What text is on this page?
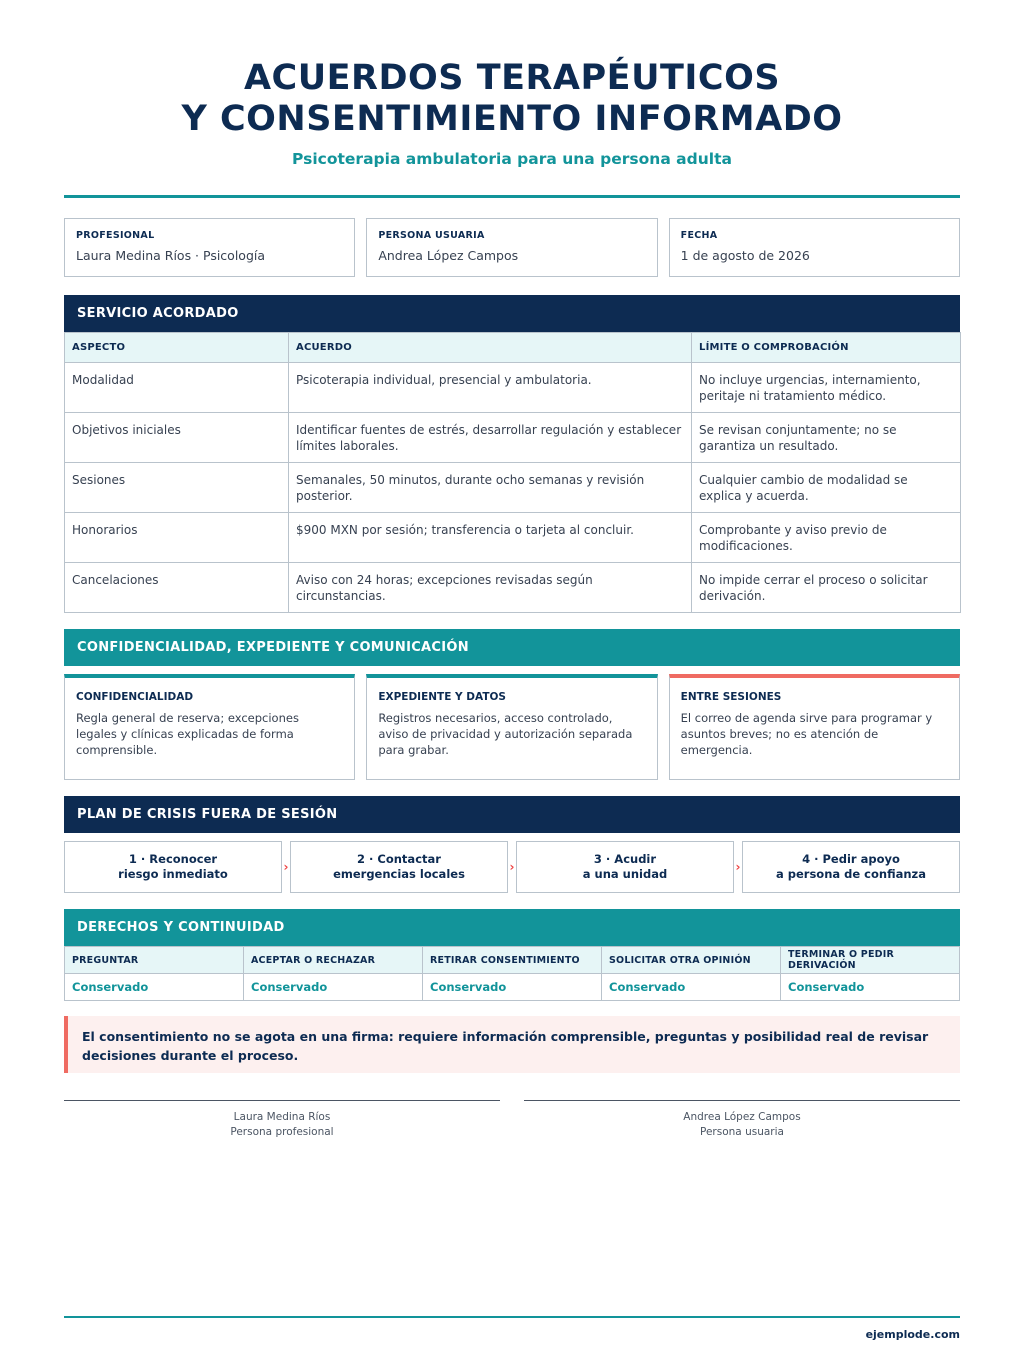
ACUERDOS TERAPÉUTICOS
Y CONSENTIMIENTO INFORMADO
Psicoterapia ambulatoria para una persona adulta
PROFESIONAL
Laura Medina Ríos · Psicología
PERSONA USUARIA
Andrea López Campos
FECHA
1 de agosto de 2026
SERVICIO ACORDADO
ASPECTO	ACUERDO	LÍMITE O COMPROBACIÓN
Modalidad	Psicoterapia individual, presencial y ambulatoria.	No incluye urgencias, internamiento, peritaje ni tratamiento médico.
Objetivos iniciales	Identificar fuentes de estrés, desarrollar regulación y establecer límites laborales.	Se revisan conjuntamente; no se garantiza un resultado.
Sesiones	Semanales, 50 minutos, durante ocho semanas y revisión posterior.	Cualquier cambio de modalidad se explica y acuerda.
Honorarios	$900 MXN por sesión; transferencia o tarjeta al concluir.	Comprobante y aviso previo de modificaciones.
Cancelaciones	Aviso con 24 horas; excepciones revisadas según circunstancias.	No impide cerrar el proceso o solicitar derivación.
CONFIDENCIALIDAD, EXPEDIENTE Y COMUNICACIÓN
CONFIDENCIALIDAD
Regla general de reserva; excepciones legales y clínicas explicadas de forma comprensible.
EXPEDIENTE Y DATOS
Registros necesarios, acceso controlado, aviso de privacidad y autorización separada para grabar.
ENTRE SESIONES
El correo de agenda sirve para programar y asuntos breves; no es atención de emergencia.
PLAN DE CRISIS FUERA DE SESIÓN
1 · Reconocer
riesgo inmediato	›
2 · Contactar
emergencias locales	›
3 · Acudir
a una unidad	›
4 · Pedir apoyo
a persona de confianza
DERECHOS Y CONTINUIDAD
PREGUNTAR	ACEPTAR O RECHAZAR	RETIRAR CONSENTIMIENTO	SOLICITAR OTRA OPINIÓN	TERMINAR O PEDIR DERIVACIÓN
Conservado	Conservado	Conservado	Conservado	Conservado
El consentimiento no se agota en una firma: requiere información comprensible, preguntas y posibilidad real de revisar decisiones durante el proceso.
Laura Medina Ríos
Persona profesional
Andrea López Campos
Persona usuaria
ejemplode.com
